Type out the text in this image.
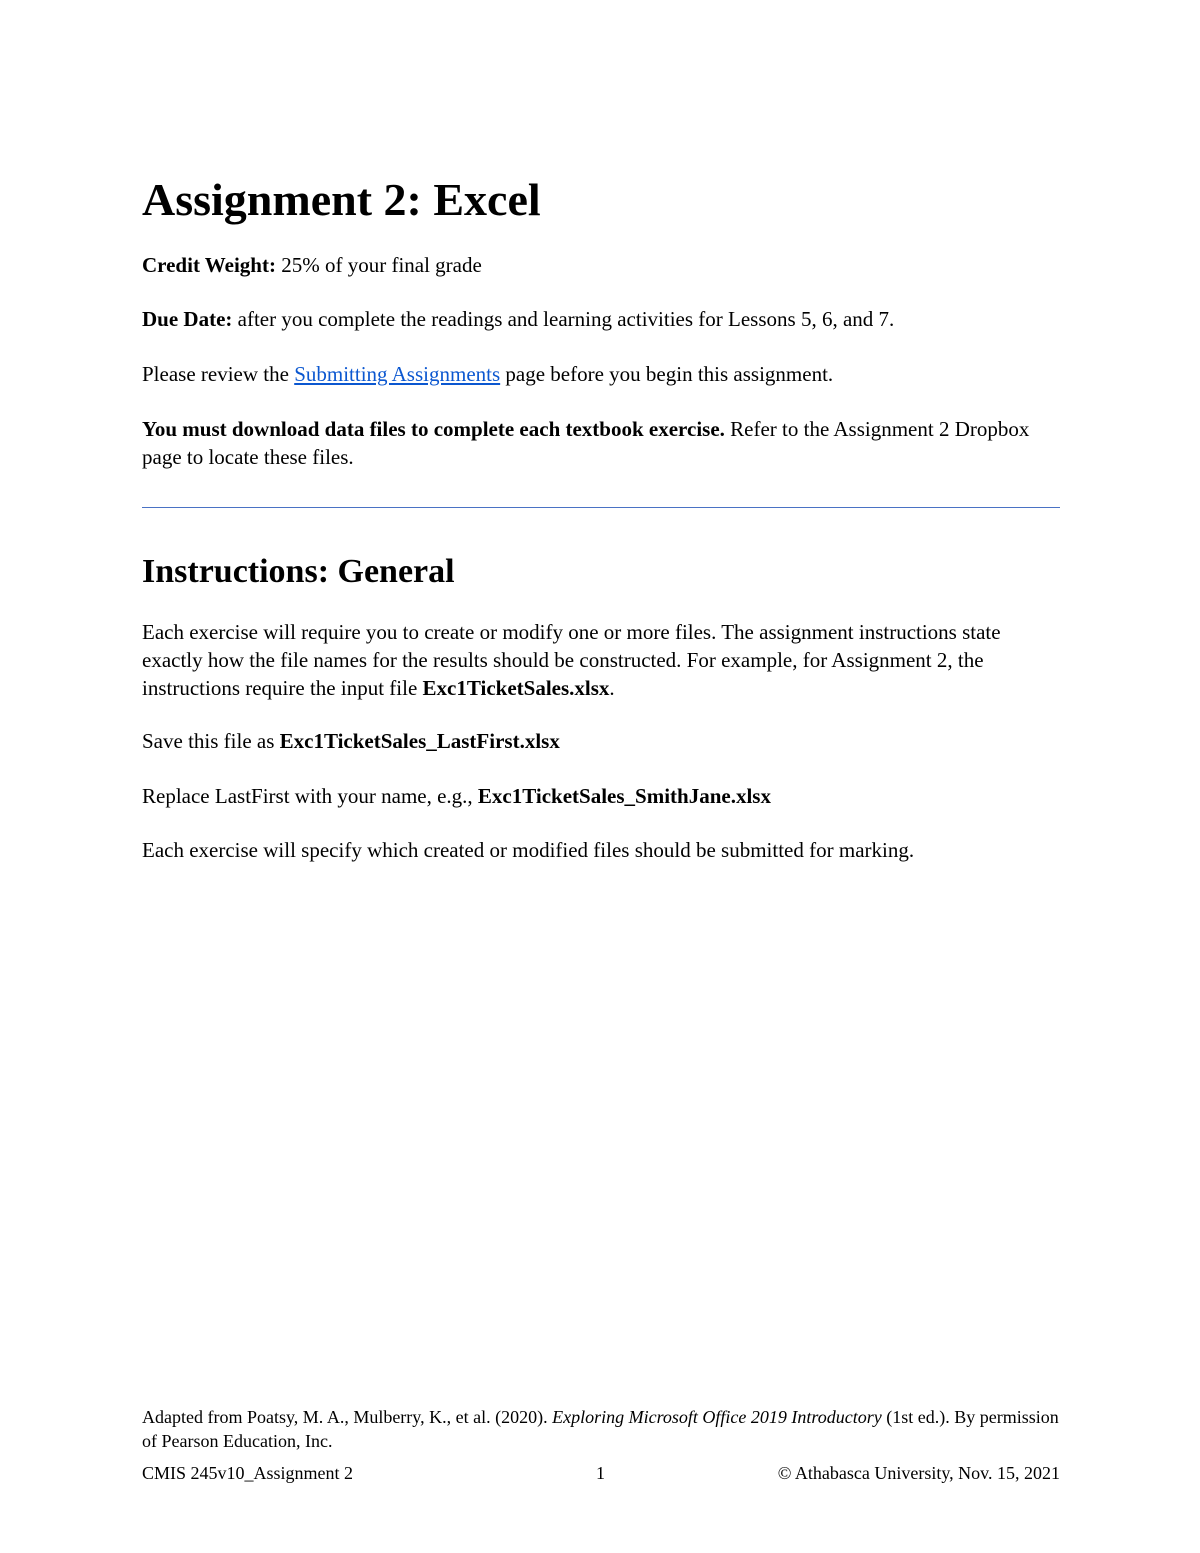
Assignment 2: Excel

Credit Weight: 25% of your final grade

Due Date: after you complete the readings and learning activities for Lessons 5, 6, and 7.

Please review the Submitting Assignments page before you begin this assignment.

You must download data files to complete each textbook exercise. Refer to the Assignment 2 Dropbox page to locate these files.

Instructions: General

Each exercise will require you to create or modify one or more files. The assignment instructions state exactly how the file names for the results should be constructed. For example, for Assignment 2, the instructions require the input file Exc1TicketSales.xlsx.

Save this file as Exc1TicketSales_LastFirst.xlsx

Replace LastFirst with your name, e.g., Exc1TicketSales_SmithJane.xlsx

Each exercise will specify which created or modified files should be submitted for marking.

Adapted from Poatsy, M. A., Mulberry, K., et al. (2020). Exploring Microsoft Office 2019 Introductory (1st ed.). By permission of Pearson Education, Inc.

CMIS 245v10_Assignment 2	1	© Athabasca University, Nov. 15, 2021
